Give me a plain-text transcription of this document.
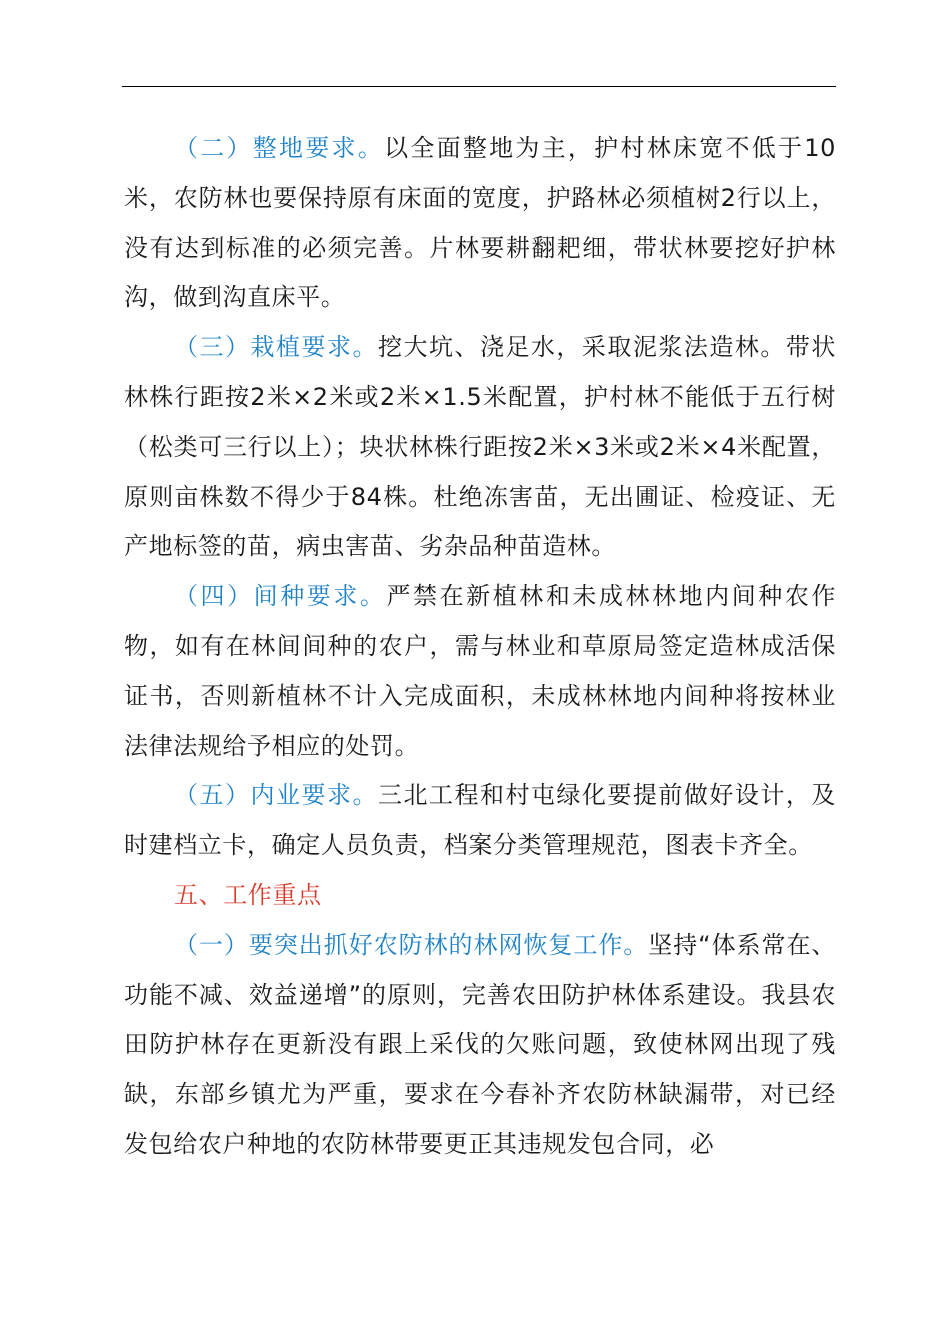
（二）整地要求。以全面整地为主，护村林床宽不低于10米，农防林也要保持原有床面的宽度，护路林必须植树2行以上，没有达到标准的必须完善。片林要耕翻耙细，带状林要挖好护林沟，做到沟直床平。

（三）栽植要求。挖大坑、浇足水，采取泥浆法造林。带状林株行距按2米×2米或2米×1.5米配置，护村林不能低于五行树（松类可三行以上）；块状林株行距按2米×3米或2米×4米配置，原则亩株数不得少于84株。杜绝冻害苗，无出圃证、检疫证、无产地标签的苗，病虫害苗、劣杂品种苗造林。

（四）间种要求。严禁在新植林和未成林林地内间种农作物，如有在林间间种的农户，需与林业和草原局签定造林成活保证书，否则新植林不计入完成面积，未成林林地内间种将按林业法律法规给予相应的处罚。

（五）内业要求。三北工程和村屯绿化要提前做好设计，及时建档立卡，确定人员负责，档案分类管理规范，图表卡齐全。

五、工作重点

（一）要突出抓好农防林的林网恢复工作。坚持“体系常在、功能不减、效益递增”的原则，完善农田防护林体系建设。我县农田防护林存在更新没有跟上采伐的欠账问题，致使林网出现了残缺，东部乡镇尤为严重，要求在今春补齐农防林缺漏带，对已经发包给农户种地的农防林带要更正其违规发包合同，必
